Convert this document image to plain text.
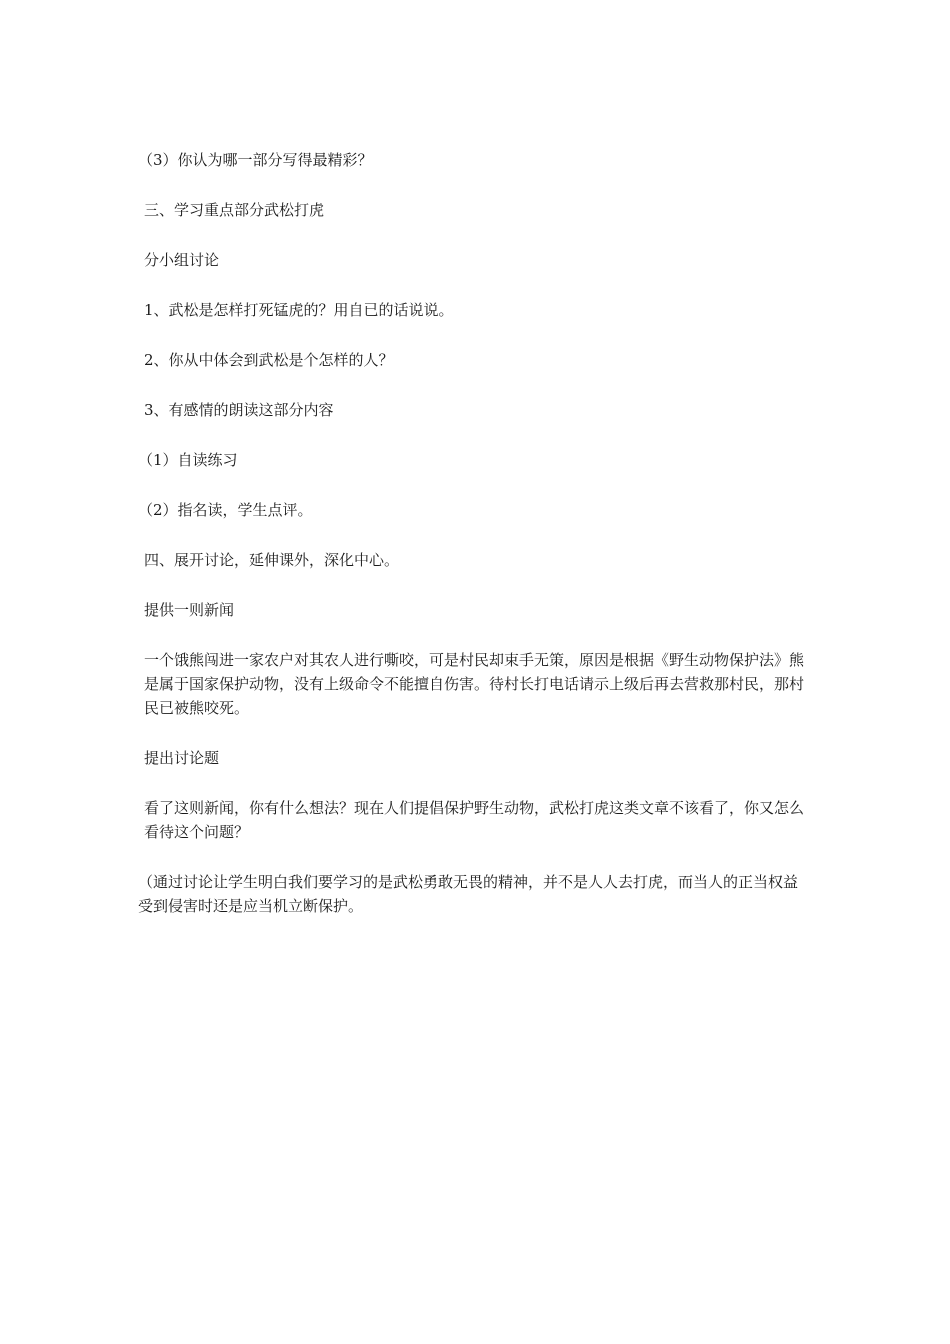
（3）你认为哪一部分写得最精彩？

三、学习重点部分武松打虎

分小组讨论

1、武松是怎样打死锰虎的？用自已的话说说。

2、你从中体会到武松是个怎样的人？

3、有感情的朗读这部分内容

（1）自读练习

（2）指名读，学生点评。

四、展开讨论，延伸课外，深化中心。

提供一则新闻

一个饿熊闯进一家农户对其农人进行嘶咬，可是村民却束手无策，原因是根据《野生动物保护法》熊是属于国家保护动物，没有上级命令不能擅自伤害。待村长打电话请示上级后再去营救那村民，那村民已被熊咬死。

提出讨论题

看了这则新闻，你有什么想法？现在人们提倡保护野生动物，武松打虎这类文章不该看了，你又怎么看待这个问题？

（通过讨论让学生明白我们要学习的是武松勇敢无畏的精神，并不是人人去打虎，而当人的正当权益受到侵害时还是应当机立断保护。
